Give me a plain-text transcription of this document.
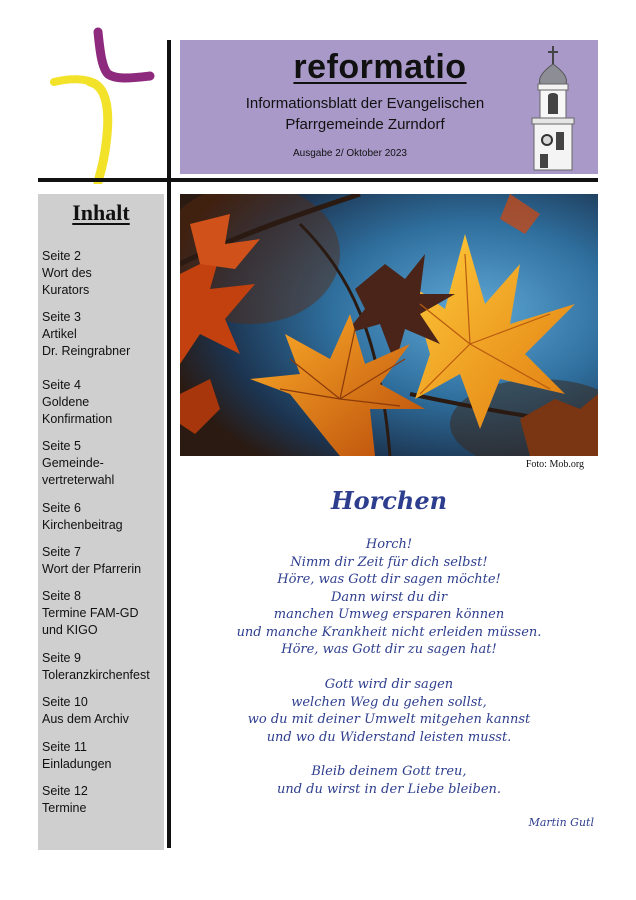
reformatio
Informationsblatt der Evangelischen
Pfarrgemeinde Zurndorf
Ausgabe 2/ Oktober 2023
Inhalt
Seite 2
Wort des
Kurators
Seite 3
Artikel
Dr. Reingrabner
Seite 4
Goldene
Konfirmation
Seite 5
Gemeinde-
vertreterwahl
Seite 6
Kirchenbeitrag
Seite 7
Wort der Pfarrerin
Seite 8
Termine FAM-GD
und KIGO
Seite 9
Toleranzkirchenfest
Seite 10
Aus dem Archiv
Seite 11
Einladungen
Seite 12
Termine
Foto: Mob.org
Horchen
Horch!
Nimm dir Zeit für dich selbst!
Höre, was Gott dir sagen möchte!
Dann wirst du dir
manchen Umweg ersparen können
und manche Krankheit nicht erleiden müssen.
Höre, was Gott dir zu sagen hat!
Gott wird dir sagen
welchen Weg du gehen sollst,
wo du mit deiner Umwelt mitgehen kannst
und wo du Widerstand leisten musst.
Bleib deinem Gott treu,
und du wirst in der Liebe bleiben.
Martin Gutl
